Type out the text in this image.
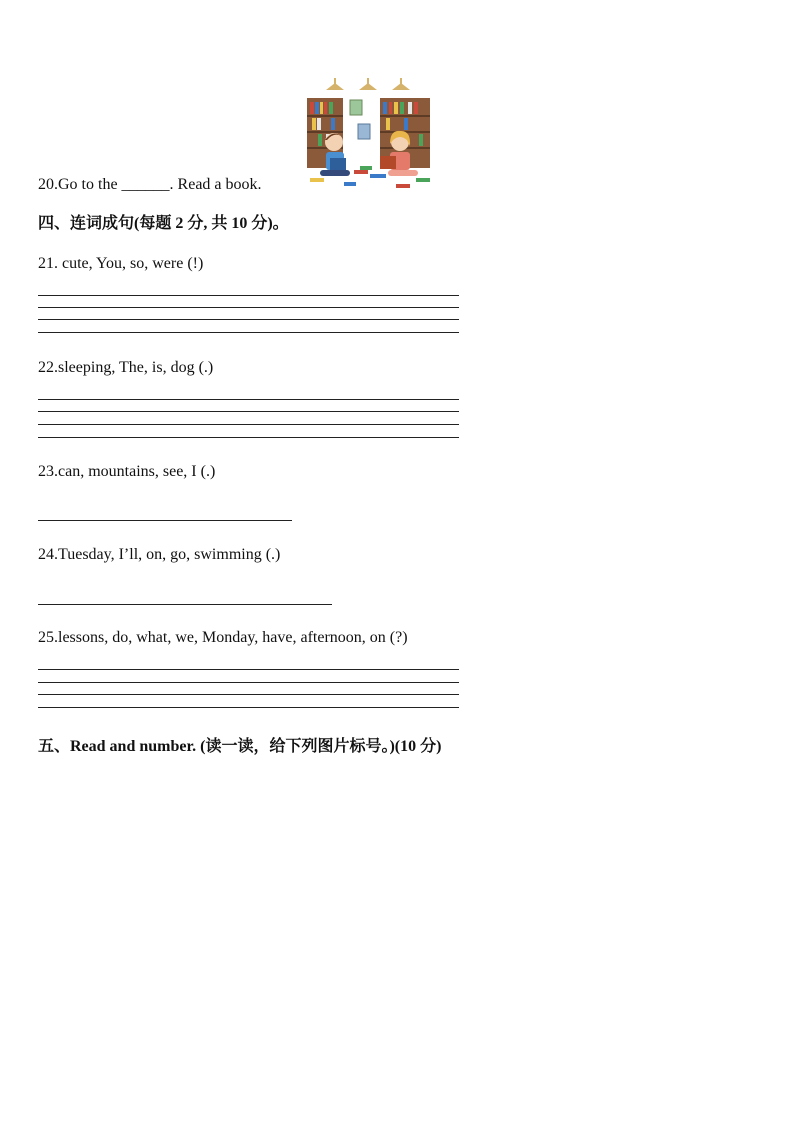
20.Go to the ______. Read a book.
四、连词成句(每题 2 分, 共 10 分)。
21. cute, You, so, were (!)
22.sleeping, The, is, dog (.)
23.can, mountains, see, I (.)
24.Tuesday, I’ll, on, go, swimming (.)
25.lessons, do, what, we, Monday, have, afternoon, on (?)
五、Read and number. (读一读，给下列图片标号。)(10 分)
